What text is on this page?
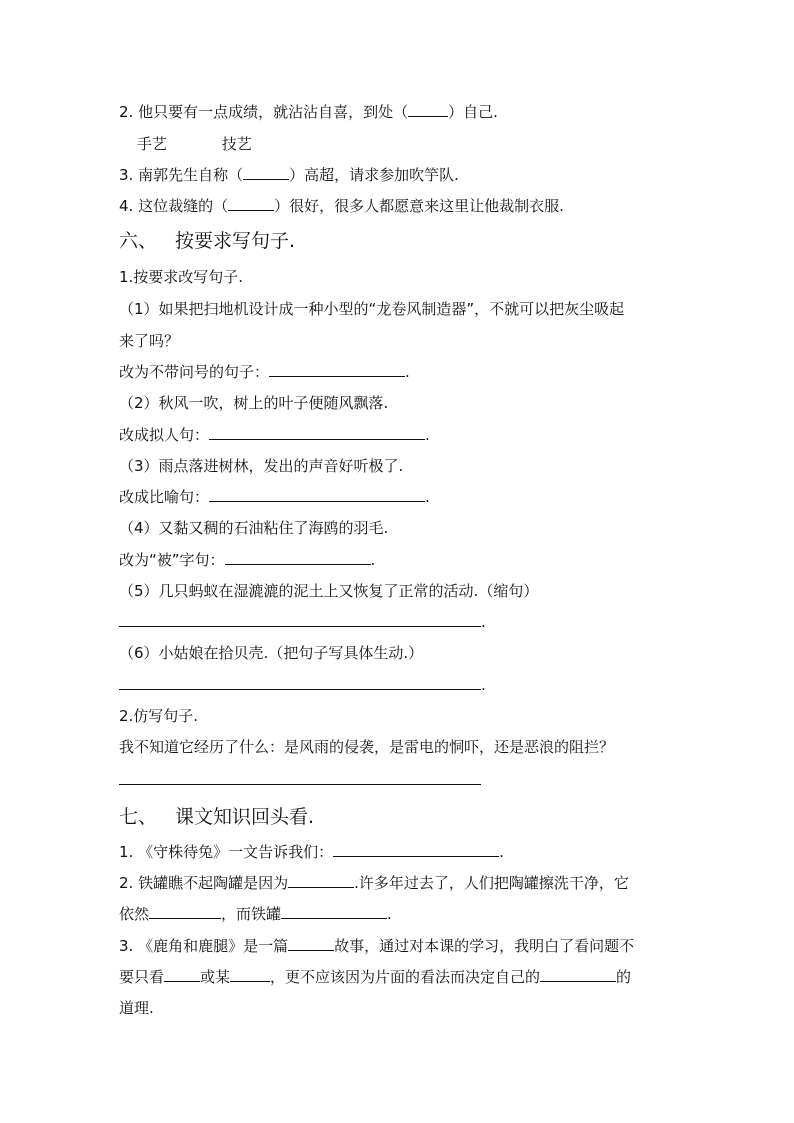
2. 他只要有一点成绩，就沾沾自喜，到处（	）自己.
手艺	技艺
3. 南郭先生自称（	）高超，请求参加吹竽队.
4. 这位裁缝的（	）很好，很多人都愿意来这里让他裁制衣服.
六、 按要求写句子.
1.按要求改写句子.
（1）如果把扫地机设计成一种小型的“龙卷风制造器”，不就可以把灰尘吸起
来了吗？
改为不带问号的句子：	.
（2）秋风一吹，树上的叶子便随风飘落.
改成拟人句：	.
（3）雨点落进树林，发出的声音好听极了.
改成比喻句：	.
（4）又黏又稠的石油粘住了海鸥的羽毛.
改为“被”字句：	.
（5）几只蚂蚁在湿漉漉的泥土上又恢复了正常的活动.（缩句）
.
（6）小姑娘在拾贝壳.（把句子写具体生动.）
.
2.仿写句子.
我不知道它经历了什么：是风雨的侵袭，是雷电的恫吓，还是恶浪的阻拦？
七、 课文知识回头看.
1. 《守株待兔》一文告诉我们：	.
2. 铁罐瞧不起陶罐是因为	.许多年过去了，人们把陶罐擦洗干净，它
依然	，而铁罐	.
3. 《鹿角和鹿腿》是一篇	故事，通过对本课的学习，我明白了看问题不
要只看 或某	，更不应该因为片面的看法而决定自己的	的
道理.
